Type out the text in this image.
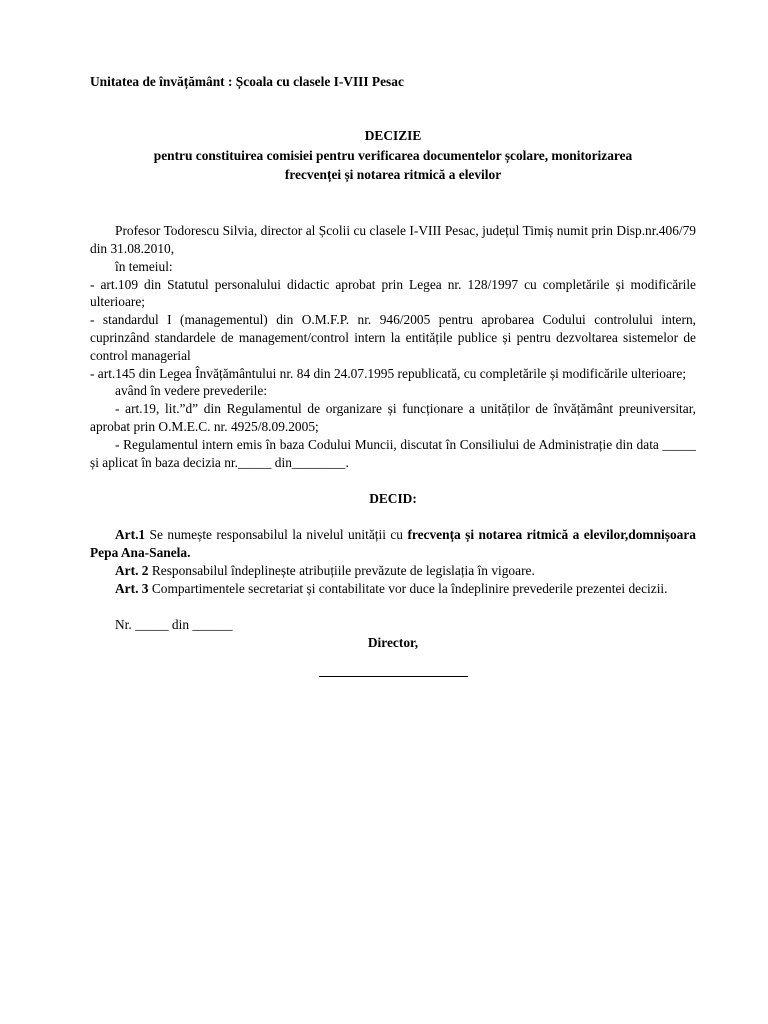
Unitatea de învățământ : Școala cu clasele I-VIII Pesac

DECIZIE

pentru constituirea comisiei pentru verificarea documentelor școlare, monitorizarea

frecvenței și notarea ritmică a elevilor

Profesor Todorescu Silvia, director al Școlii cu clasele I-VIII Pesac, județul Timiș numit prin Disp.nr.406/79 din 31.08.2010,

în temeiul:

- art.109 din Statutul personalului didactic aprobat prin Legea nr. 128/1997 cu completările și modificările ulterioare;

- standardul I (managementul) din O.M.F.P. nr. 946/2005 pentru aprobarea Codului controlului intern, cuprinzând standardele de management/control intern la entitățile publice și pentru dezvoltarea sistemelor de control managerial

- art.145 din Legea Învățământului nr. 84 din 24.07.1995 republicată, cu completările și modificările ulterioare;

având în vedere prevederile:

- art.19, lit.”d” din Regulamentul de organizare și funcționare a unităților de învățământ preuniversitar, aprobat prin O.M.E.C. nr. 4925/8.09.2005;

- Regulamentul intern emis în baza Codului Muncii, discutat în Consiliului de Administrație din data _____ și aplicat în baza decizia nr._____ din________.

DECID:

Art.1 Se numește responsabilul la nivelul unității cu frecvența și notarea ritmică a elevilor,domnișoara Pepa Ana-Sanela.

Art. 2 Responsabilul îndeplinește atribuțiile prevăzute de legislația în vigoare.

Art. 3 Compartimentele secretariat și contabilitate vor duce la îndeplinire prevederile prezentei decizii.

Nr. _____ din ______

Director,
